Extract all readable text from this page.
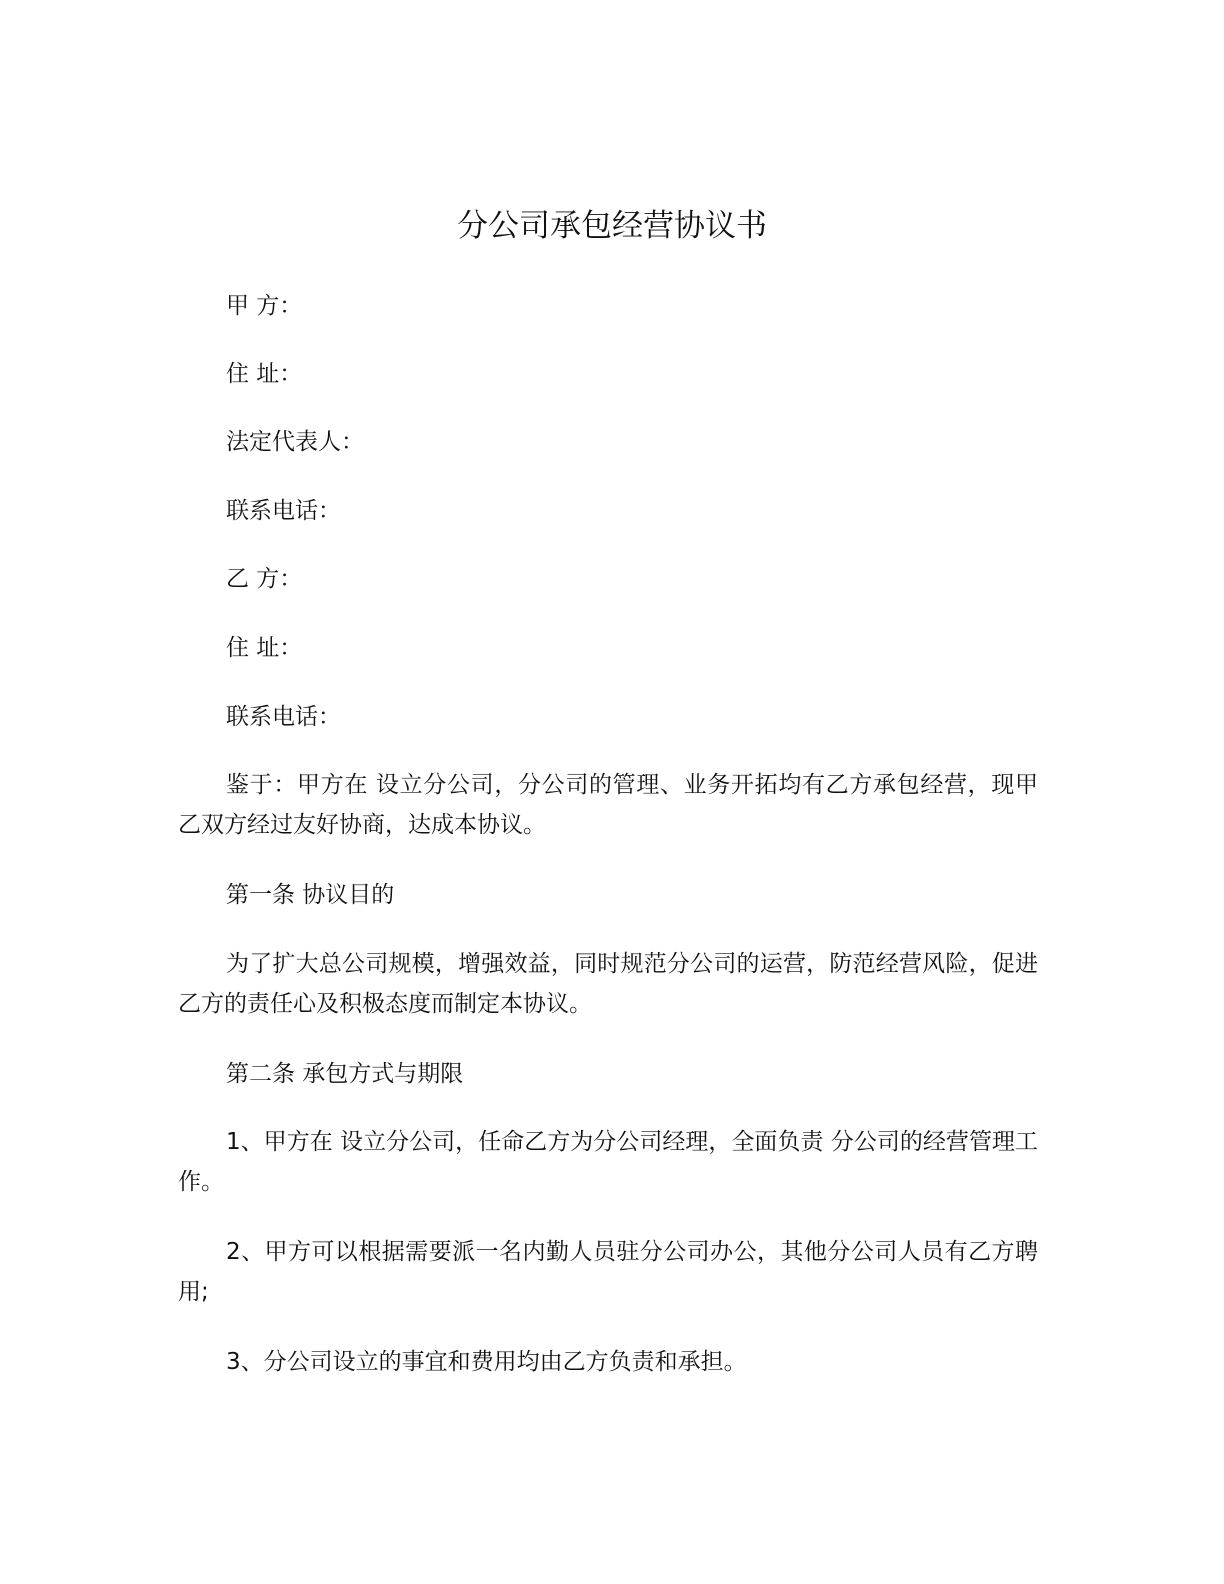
分公司承包经营协议书
甲 方：
住 址：
法定代表人：
联系电话：
乙 方：
住 址：
联系电话：
鉴于：甲方在 设立分公司，分公司的管理、业务开拓均有乙方承包经营，现甲乙双方经过友好协商，达成本协议。
第一条 协议目的
为了扩大总公司规模，增强效益，同时规范分公司的运营，防范经营风险，促进乙方的责任心及积极态度而制定本协议。
第二条 承包方式与期限
1、甲方在 设立分公司，任命乙方为分公司经理，全面负责 分公司的经营管理工作。
2、甲方可以根据需要派一名内勤人员驻分公司办公，其他分公司人员有乙方聘用;
3、分公司设立的事宜和费用均由乙方负责和承担。
